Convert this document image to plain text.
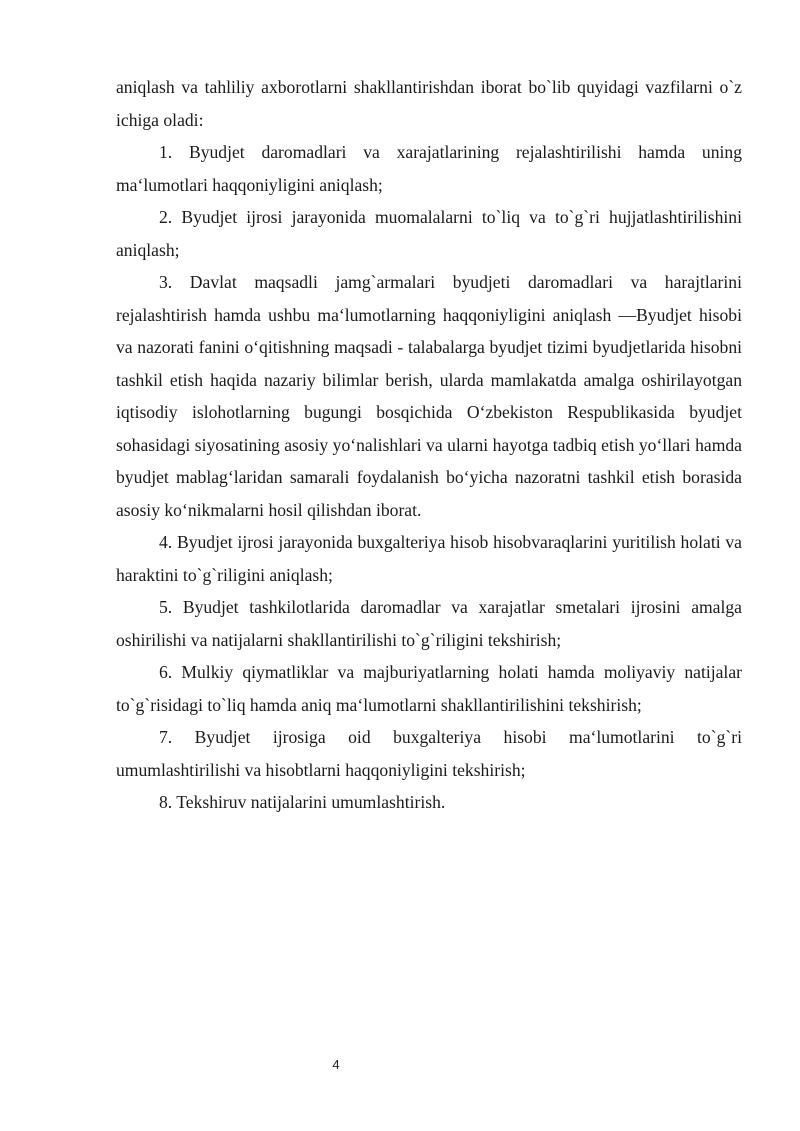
aniqlash va tahliliy axborotlarni shakllantirishdan iborat bo`lib quyidagi vazfilarni o`z ichiga oladi:

1. Byudjet daromadlari va xarajatlarining rejalashtirilishi hamda uning ma‘lumotlari haqqoniyligini aniqlash;

2. Byudjet ijrosi jarayonida muomalalarni to`liq va to`g`ri hujjatlashtirilishini aniqlash;

3. Davlat maqsadli jamg`armalari byudjeti daromadlari va harajtlarini rejalashtirish hamda ushbu ma‘lumotlarning haqqoniyligini aniqlash —Byudjet hisobi va nazorati fanini o‘qitishning maqsadi - talabalarga byudjet tizimi byudjetlarida hisobni tashkil etish haqida nazariy bilimlar berish, ularda mamlakatda amalga oshirilayotgan iqtisodiy islohotlarning bugungi bosqichida O‘zbekiston Respublikasida byudjet sohasidagi siyosatining asosiy yo‘nalishlari va ularni hayotga tadbiq etish yo‘llari hamda byudjet mablag‘laridan samarali foydalanish bo‘yicha nazoratni tashkil etish borasida asosiy ko‘nikmalarni hosil qilishdan iborat.

4. Byudjet ijrosi jarayonida buxgalteriya hisob hisobvaraqlarini yuritilish holati va haraktini to`g`riligini aniqlash;

5. Byudjet tashkilotlarida daromadlar va xarajatlar smetalari ijrosini amalga oshirilishi va natijalarni shakllantirilishi to`g`riligini tekshirish;

6. Mulkiy qiymatliklar va majburiyatlarning holati hamda moliyaviy natijalar to`g`risidagi to`liq hamda aniq ma‘lumotlarni shakllantirilishini tekshirish;

7. Byudjet ijrosiga oid buxgalteriya hisobi ma‘lumotlarini to`g`ri umumlashtirilishi va hisobtlarni haqqoniyligini tekshirish;

8. Tekshiruv natijalarini umumlashtirish.

4
